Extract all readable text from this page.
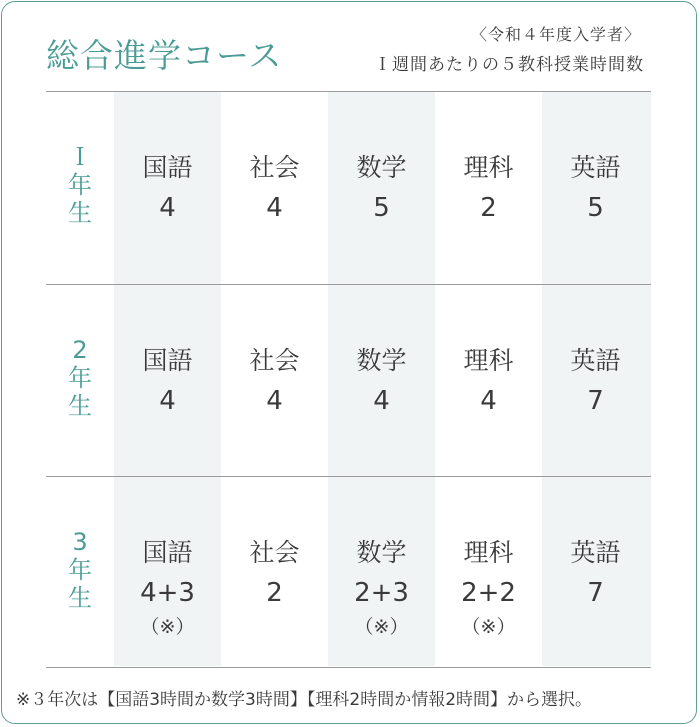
総合進学コース
〈令和４年度入学者〉
Ｉ週間あたりの５教科授業時間数
Ｉ
年
生
国語
4
社会
4
数学
5
理科
2
英語
5
2
年
生
国語
4
社会
4
数学
4
理科
4
英語
7
3
年
生
国語
4+3
（※）
社会
2
数学
2+3
（※）
理科
2+2
（※）
英語
7
※３年次は【国語3時間か数学3時間】【理科2時間か情報2時間】から選択。
